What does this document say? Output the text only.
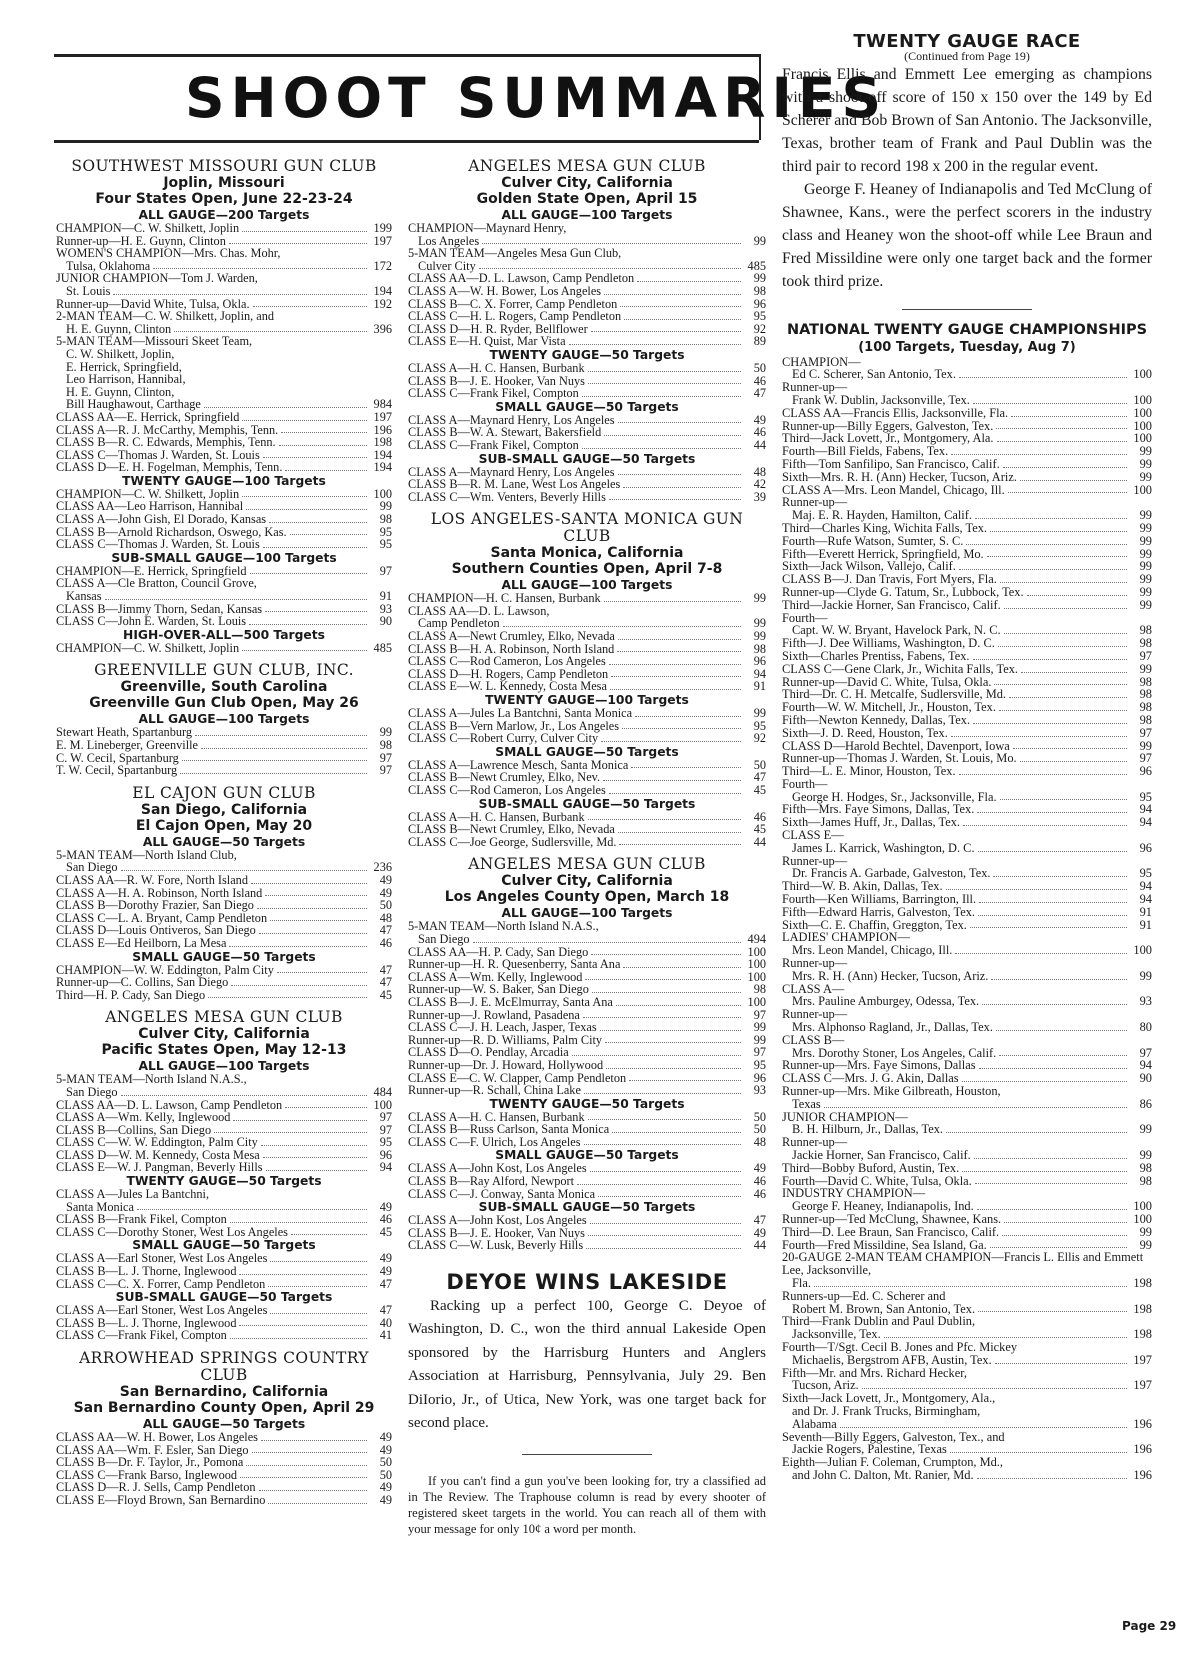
SHOOT SUMMARIES
SOUTHWEST MISSOURI GUN CLUB
Joplin, Missouri
Four States Open, June 22-23-24
ALL GAUGE—200 Targets
CHAMPION—C. W. Shilkett, Joplin	199
Runner-up—H. E. Guynn, Clinton	197
WOMEN'S CHAMPION—Mrs. Chas. Mohr,
Tulsa, Oklahoma	172
JUNIOR CHAMPION—Tom J. Warden,
St. Louis	194
Runner-up—David White, Tulsa, Okla.	192
2-MAN TEAM—C. W. Shilkett, Joplin, and
H. E. Guynn, Clinton	396
5-MAN TEAM—Missouri Skeet Team,
C. W. Shilkett, Joplin,
E. Herrick, Springfield,
Leo Harrison, Hannibal,
H. E. Guynn, Clinton,
Bill Haughawout, Carthage	984
CLASS AA—E. Herrick, Springfield	197
CLASS A—R. J. McCarthy, Memphis, Tenn.	196
CLASS B—R. C. Edwards, Memphis, Tenn.	198
CLASS C—Thomas J. Warden, St. Louis	194
CLASS D—E. H. Fogelman, Memphis, Tenn.	194
TWENTY GAUGE—100 Targets
CHAMPION—C. W. Shilkett, Joplin	100
CLASS AA—Leo Harrison, Hannibal	99
CLASS A—John Gish, El Dorado, Kansas	98
CLASS B—Arnold Richardson, Oswego, Kas.	95
CLASS C—Thomas J. Warden, St. Louis	95
SUB-SMALL GAUGE—100 Targets
CHAMPION—E. Herrick, Springfield	97
CLASS A—Cle Bratton, Council Grove,
Kansas	91
CLASS B—Jimmy Thorn, Sedan, Kansas	93
CLASS C—John E. Warden, St. Louis	90
HIGH-OVER-ALL—500 Targets
CHAMPION—C. W. Shilkett, Joplin	485
GREENVILLE GUN CLUB, INC.
Greenville, South Carolina
Greenville Gun Club Open, May 26
ALL GAUGE—100 Targets
Stewart Heath, Spartanburg	99
E. M. Lineberger, Greenville	98
C. W. Cecil, Spartanburg	97
T. W. Cecil, Spartanburg	97
EL CAJON GUN CLUB
San Diego, California
El Cajon Open, May 20
ALL GAUGE—50 Targets
5-MAN TEAM—North Island Club,
San Diego	236
CLASS AA—R. W. Fore, North Island	49
CLASS A—H. A. Robinson, North Island	49
CLASS B—Dorothy Frazier, San Diego	50
CLASS C—L. A. Bryant, Camp Pendleton	48
CLASS D—Louis Ontiveros, San Diego	47
CLASS E—Ed Heilborn, La Mesa	46
SMALL GAUGE—50 Targets
CHAMPION—W. W. Eddington, Palm City	47
Runner-up—C. Collins, San Diego	47
Third—H. P. Cady, San Diego	45
ANGELES MESA GUN CLUB
Culver City, California
Pacific States Open, May 12-13
ALL GAUGE—100 Targets
5-MAN TEAM—North Island N.A.S.,
San Diego	484
CLASS AA—D. L. Lawson, Camp Pendleton	100
CLASS A—Wm. Kelly, Inglewood	97
CLASS B—Collins, San Diego	97
CLASS C—W. W. Eddington, Palm City	95
CLASS D—W. M. Kennedy, Costa Mesa	96
CLASS E—W. J. Pangman, Beverly Hills	94
TWENTY GAUGE—50 Targets
CLASS A—Jules La Bantchni,
Santa Monica	49
CLASS B—Frank Fikel, Compton	46
CLASS C—Dorothy Stoner, West Los Angeles	45
SMALL GAUGE—50 Targets
CLASS A—Earl Stoner, West Los Angeles	49
CLASS B—L. J. Thorne, Inglewood	49
CLASS C—C. X. Forrer, Camp Pendleton	47
SUB-SMALL GAUGE—50 Targets
CLASS A—Earl Stoner, West Los Angeles	47
CLASS B—L. J. Thorne, Inglewood	40
CLASS C—Frank Fikel, Compton	41
ARROWHEAD SPRINGS COUNTRY CLUB
San Bernardino, California
San Bernardino County Open, April 29
ALL GAUGE—50 Targets
CLASS AA—W. H. Bower, Los Angeles	49
CLASS AA—Wm. F. Esler, San Diego	49
CLASS B—Dr. F. Taylor, Jr., Pomona	50
CLASS C—Frank Barso, Inglewood	50
CLASS D—R. J. Sells, Camp Pendleton	49
CLASS E—Floyd Brown, San Bernardino	49
ANGELES MESA GUN CLUB
Culver City, California
Golden State Open, April 15
ALL GAUGE—100 Targets
CHAMPION—Maynard Henry,
Los Angeles	99
5-MAN TEAM—Angeles Mesa Gun Club,
Culver City	485
CLASS AA—D. L. Lawson, Camp Pendleton	99
CLASS A—W. H. Bower, Los Angeles	98
CLASS B—C. X. Forrer, Camp Pendleton	96
CLASS C—H. L. Rogers, Camp Pendleton	95
CLASS D—H. R. Ryder, Bellflower	92
CLASS E—H. Quist, Mar Vista	89
TWENTY GAUGE—50 Targets
CLASS A—H. C. Hansen, Burbank	50
CLASS B—J. E. Hooker, Van Nuys	46
CLASS C—Frank Fikel, Compton	47
SMALL GAUGE—50 Targets
CLASS A—Maynard Henry, Los Angeles	49
CLASS B—W. A. Stewart, Bakersfield	46
CLASS C—Frank Fikel, Compton	44
SUB-SMALL GAUGE—50 Targets
CLASS A—Maynard Henry, Los Angeles	48
CLASS B—R. M. Lane, West Los Angeles	42
CLASS C—Wm. Venters, Beverly Hills	39
LOS ANGELES-SANTA MONICA GUN CLUB
Santa Monica, California
Southern Counties Open, April 7-8
ALL GAUGE—100 Targets
CHAMPION—H. C. Hansen, Burbank	99
CLASS AA—D. L. Lawson,
Camp Pendleton	99
CLASS A—Newt Crumley, Elko, Nevada	99
CLASS B—H. A. Robinson, North Island	98
CLASS C—Rod Cameron, Los Angeles	96
CLASS D—H. Rogers, Camp Pendleton	94
CLASS E—W. L. Kennedy, Costa Mesa	91
TWENTY GAUGE—100 Targets
CLASS A—Jules La Bantchni, Santa Monica	99
CLASS B—Vern Marlow, Jr., Los Angeles	95
CLASS C—Robert Curry, Culver City	92
SMALL GAUGE—50 Targets
CLASS A—Lawrence Mesch, Santa Monica	50
CLASS B—Newt Crumley, Elko, Nev.	47
CLASS C—Rod Cameron, Los Angeles	45
SUB-SMALL GAUGE—50 Targets
CLASS A—H. C. Hansen, Burbank	46
CLASS B—Newt Crumley, Elko, Nevada	45
CLASS C—Joe George, Sudlersville, Md.	44
ANGELES MESA GUN CLUB
Culver City, California
Los Angeles County Open, March 18
ALL GAUGE—100 Targets
5-MAN TEAM—North Island N.A.S.,
San Diego	494
CLASS AA—H. P. Cady, San Diego	100
Runner-up—H. R. Quesenberry, Santa Ana	100
CLASS A—Wm. Kelly, Inglewood	100
Runner-up—W. S. Baker, San Diego	98
CLASS B—J. E. McElmurray, Santa Ana	100
Runner-up—J. Rowland, Pasadena	97
CLASS C—J. H. Leach, Jasper, Texas	99
Runner-up—R. D. Williams, Palm City	99
CLASS D—O. Pendlay, Arcadia	97
Runner-up—Dr. J. Howard, Hollywood	95
CLASS E—C. W. Clapper, Camp Pendleton	96
Runner-up—R. Schall, China Lake	93
TWENTY GAUGE—50 Targets
CLASS A—H. C. Hansen, Burbank	50
CLASS B—Russ Carlson, Santa Monica	50
CLASS C—F. Ulrich, Los Angeles	48
SMALL GAUGE—50 Targets
CLASS A—John Kost, Los Angeles	49
CLASS B—Ray Alford, Newport	46
CLASS C—J. Conway, Santa Monica	46
SUB-SMALL GAUGE—50 Targets
CLASS A—John Kost, Los Angeles	47
CLASS B—J. E. Hooker, Van Nuys	49
CLASS C—W. Lusk, Beverly Hills	44
DEYOE WINS LAKESIDE

Racking up a perfect 100, George C. Deyoe of Washington, D. C., won the third annual Lakeside Open sponsored by the Harrisburg Hunters and Anglers Association at Harrisburg, Pennsylvania, July 29. Ben DiIorio, Jr., of Utica, New York, was one target back for second place.

If you can't find a gun you've been looking for, try a classified ad in The Review. The Traphouse column is read by every shooter of registered skeet targets in the world. You can reach all of them with your message for only 10¢ a word per month.

TWENTY GAUGE RACE
(Continued from Page 19)

Francis Ellis and Emmett Lee emerging as champions with a shoot-off score of 150 x 150 over the 149 by Ed Scherer and Bob Brown of San Antonio. The Jacksonville, Texas, brother team of Frank and Paul Dublin was the third pair to record 198 x 200 in the regular event.

George F. Heaney of Indianapolis and Ted McClung of Shawnee, Kans., were the perfect scorers in the industry class and Heaney won the shoot-off while Lee Braun and Fred Missildine were only one target back and the former took third prize.

NATIONAL TWENTY GAUGE CHAMPIONSHIPS
(100 Targets, Tuesday, Aug 7)
CHAMPION—
Ed C. Scherer, San Antonio, Tex.	100
Runner-up—
Frank W. Dublin, Jacksonville, Tex.	100
CLASS AA—Francis Ellis, Jacksonville, Fla.	100
Runner-up—Billy Eggers, Galveston, Tex.	100
Third—Jack Lovett, Jr., Montgomery, Ala.	100
Fourth—Bill Fields, Fabens, Tex.	99
Fifth—Tom Sanfilipo, San Francisco, Calif.	99
Sixth—Mrs. R. H. (Ann) Hecker, Tucson, Ariz.	99
CLASS A—Mrs. Leon Mandel, Chicago, Ill.	100
Runner-up—
Maj. E. R. Hayden, Hamilton, Calif.	99
Third—Charles King, Wichita Falls, Tex.	99
Fourth—Rufe Watson, Sumter, S. C.	99
Fifth—Everett Herrick, Springfield, Mo.	99
Sixth—Jack Wilson, Vallejo, Calif.	99
CLASS B—J. Dan Travis, Fort Myers, Fla.	99
Runner-up—Clyde G. Tatum, Sr., Lubbock, Tex.	99
Third—Jackie Horner, San Francisco, Calif.	99
Fourth—
Capt. W. W. Bryant, Havelock Park, N. C.	98
Fifth—J. Dee Williams, Washington, D. C.	98
Sixth—Charles Prentiss, Fabens, Tex.	97
CLASS C—Gene Clark, Jr., Wichita Falls, Tex.	99
Runner-up—David C. White, Tulsa, Okla.	98
Third—Dr. C. H. Metcalfe, Sudlersville, Md.	98
Fourth—W. W. Mitchell, Jr., Houston, Tex.	98
Fifth—Newton Kennedy, Dallas, Tex.	98
Sixth—J. D. Reed, Houston, Tex.	97
CLASS D—Harold Bechtel, Davenport, Iowa	99
Runner-up—Thomas J. Warden, St. Louis, Mo.	97
Third—L. E. Minor, Houston, Tex.	96
Fourth—
George H. Hodges, Sr., Jacksonville, Fla.	95
Fifth—Mrs. Faye Simons, Dallas, Tex.	94
Sixth—James Huff, Jr., Dallas, Tex.	94
CLASS E—
James L. Karrick, Washington, D. C.	96
Runner-up—
Dr. Francis A. Garbade, Galveston, Tex.	95
Third—W. B. Akin, Dallas, Tex.	94
Fourth—Ken Williams, Barrington, Ill.	94
Fifth—Edward Harris, Galveston, Tex.	91
Sixth—C. E. Chaffin, Greggton, Tex.	91
LADIES' CHAMPION—
Mrs. Leon Mandel, Chicago, Ill.	100
Runner-up—
Mrs. R. H. (Ann) Hecker, Tucson, Ariz.	99
CLASS A—
Mrs. Pauline Amburgey, Odessa, Tex.	93
Runner-up—
Mrs. Alphonso Ragland, Jr., Dallas, Tex.	80
CLASS B—
Mrs. Dorothy Stoner, Los Angeles, Calif.	97
Runner-up—Mrs. Faye Simons, Dallas	94
CLASS C—Mrs. J. G. Akin, Dallas	90
Runner-up—Mrs. Mike Gilbreath, Houston,
Texas	86
JUNIOR CHAMPION—
B. H. Hilburn, Jr., Dallas, Tex.	99
Runner-up—
Jackie Horner, San Francisco, Calif.	99
Third—Bobby Buford, Austin, Tex.	98
Fourth—David C. White, Tulsa, Okla.	98
INDUSTRY CHAMPION—
George F. Heaney, Indianapolis, Ind.	100
Runner-up—Ted McClung, Shawnee, Kans.	100
Third—D. Lee Braun, San Francisco, Calif.	99
Fourth—Fred Missildine, Sea Island, Ga.	99
20-GAUGE 2-MAN TEAM CHAMPION—Francis L. Ellis and Emmett Lee, Jacksonville,
Fla.	198
Runners-up—Ed. C. Scherer and
Robert M. Brown, San Antonio, Tex.	198
Third—Frank Dublin and Paul Dublin,
Jacksonville, Tex.	198
Fourth—T/Sgt. Cecil B. Jones and Pfc. Mickey
Michaelis, Bergstrom AFB, Austin, Tex.	197
Fifth—Mr. and Mrs. Richard Hecker,
Tucson, Ariz.	197
Sixth—Jack Lovett, Jr., Montgomery, Ala.,
and Dr. J. Frank Trucks, Birmingham,
Alabama	196
Seventh—Billy Eggers, Galveston, Tex., and
Jackie Rogers, Palestine, Texas	196
Eighth—Julian F. Coleman, Crumpton, Md.,
and John C. Dalton, Mt. Ranier, Md.	196
Page 29
